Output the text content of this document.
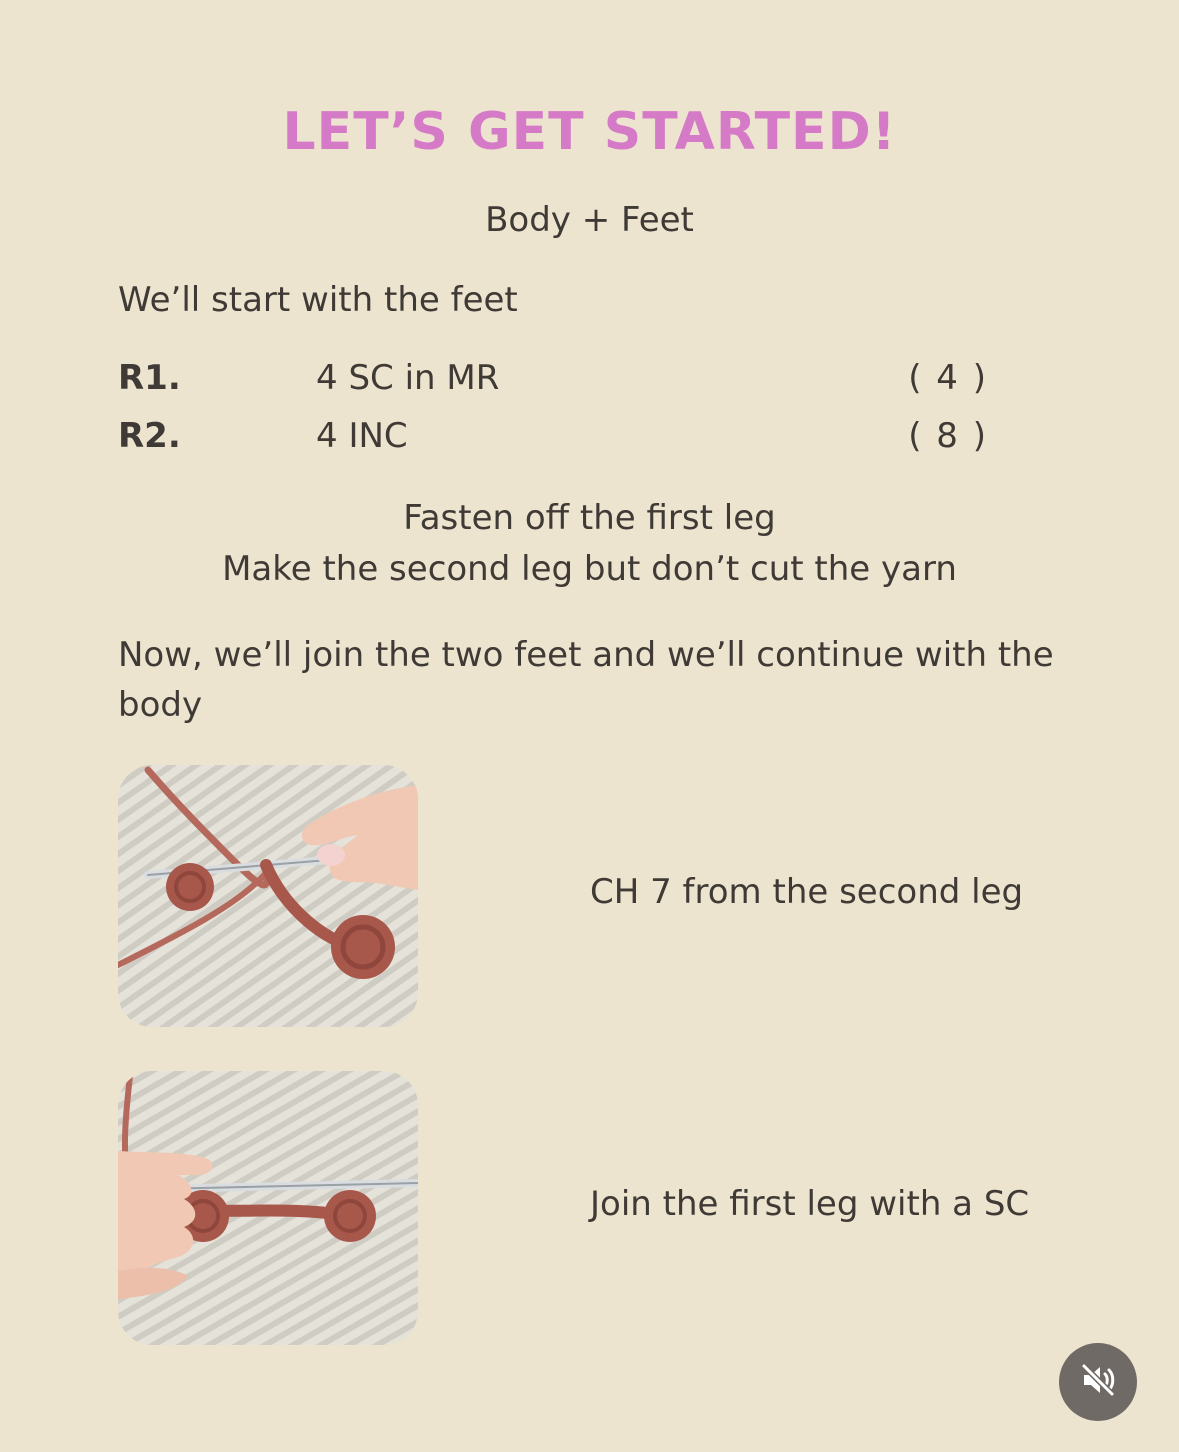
LET’S GET STARTED!
Body + Feet
We’ll start with the feet
R1.	4 SC in MR	( 4 )
R2.	4 INC	( 8 )
Fasten off the first leg
Make the second leg but don’t cut the yarn
Now, we’ll join the two feet and we’ll continue with the body
CH 7 from the second leg
Join the first leg with a SC
